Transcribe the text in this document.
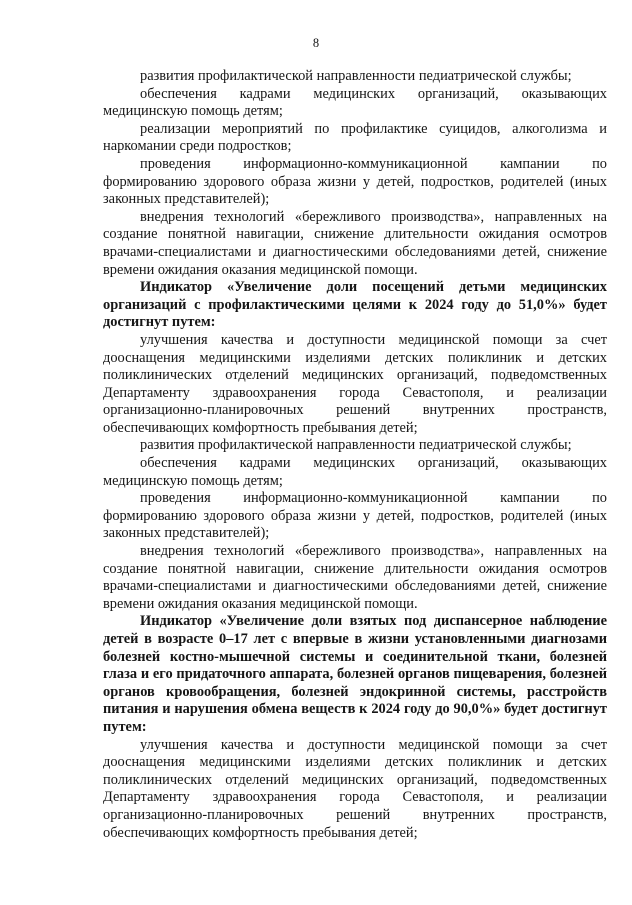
8

развития профилактической направленности педиатрической службы;

обеспечения кадрами медицинских организаций, оказывающих медицинскую помощь детям;

реализации мероприятий по профилактике суицидов, алкоголизма и наркомании среди подростков;

проведения информационно-коммуникационной кампании по формированию здорового образа жизни у детей, подростков, родителей (иных законных представителей);

внедрения технологий «бережливого производства», направленных на создание понятной навигации, снижение длительности ожидания осмотров врачами-специалистами и диагностическими обследованиями детей, снижение времени ожидания оказания медицинской помощи.

Индикатор «Увеличение доли посещений детьми медицинских организаций с профилактическими целями к 2024 году до 51,0%» будет достигнут путем:

улучшения качества и доступности медицинской помощи за счет дооснащения медицинскими изделиями детских поликлиник и детских поликлинических отделений медицинских организаций, подведомственных Департаменту здравоохранения города Севастополя, и реализации организационно-планировочных решений внутренних пространств, обеспечивающих комфортность пребывания детей;

развития профилактической направленности педиатрической службы;

обеспечения кадрами медицинских организаций, оказывающих медицинскую помощь детям;

проведения информационно-коммуникационной кампании по формированию здорового образа жизни у детей, подростков, родителей (иных законных представителей);

внедрения технологий «бережливого производства», направленных на создание понятной навигации, снижение длительности ожидания осмотров врачами-специалистами и диагностическими обследованиями детей, снижение времени ожидания оказания медицинской помощи.

Индикатор «Увеличение доли взятых под диспансерное наблюдение детей в возрасте 0–17 лет с впервые в жизни установленными диагнозами болезней костно-мышечной системы и соединительной ткани, болезней глаза и его придаточного аппарата, болезней органов пищеварения, болезней органов кровообращения, болезней эндокринной системы, расстройств питания и нарушения обмена веществ к 2024 году до 90,0%» будет достигнут путем:

улучшения качества и доступности медицинской помощи за счет дооснащения медицинскими изделиями детских поликлиник и детских поликлинических отделений медицинских организаций, подведомственных Департаменту здравоохранения города Севастополя, и реализации организационно-планировочных решений внутренних пространств, обеспечивающих комфортность пребывания детей;
